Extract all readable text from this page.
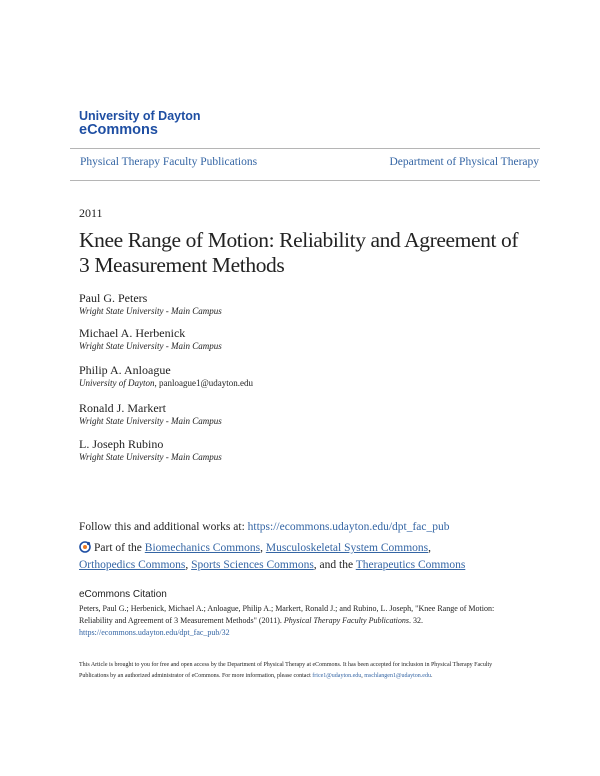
University of Dayton
eCommons
Physical Therapy Faculty Publications	Department of Physical Therapy
2011
Knee Range of Motion: Reliability and Agreement of 3 Measurement Methods
Paul G. Peters
Wright State University - Main Campus
Michael A. Herbenick
Wright State University - Main Campus
Philip A. Anloague
University of Dayton, panloague1@udayton.edu
Ronald J. Markert
Wright State University - Main Campus
L. Joseph Rubino
Wright State University - Main Campus
Follow this and additional works at: https://ecommons.udayton.edu/dpt_fac_pub
Part of the Biomechanics Commons, Musculoskeletal System Commons, Orthopedics Commons, Sports Sciences Commons, and the Therapeutics Commons
eCommons Citation
Peters, Paul G.; Herbenick, Michael A.; Anloague, Philip A.; Markert, Ronald J.; and Rubino, L. Joseph, "Knee Range of Motion: Reliability and Agreement of 3 Measurement Methods" (2011). Physical Therapy Faculty Publications. 32.
https://ecommons.udayton.edu/dpt_fac_pub/32
This Article is brought to you for free and open access by the Department of Physical Therapy at eCommons. It has been accepted for inclusion in Physical Therapy Faculty Publications by an authorized administrator of eCommons. For more information, please contact frice1@udayton.edu, mschlangen1@udayton.edu.
